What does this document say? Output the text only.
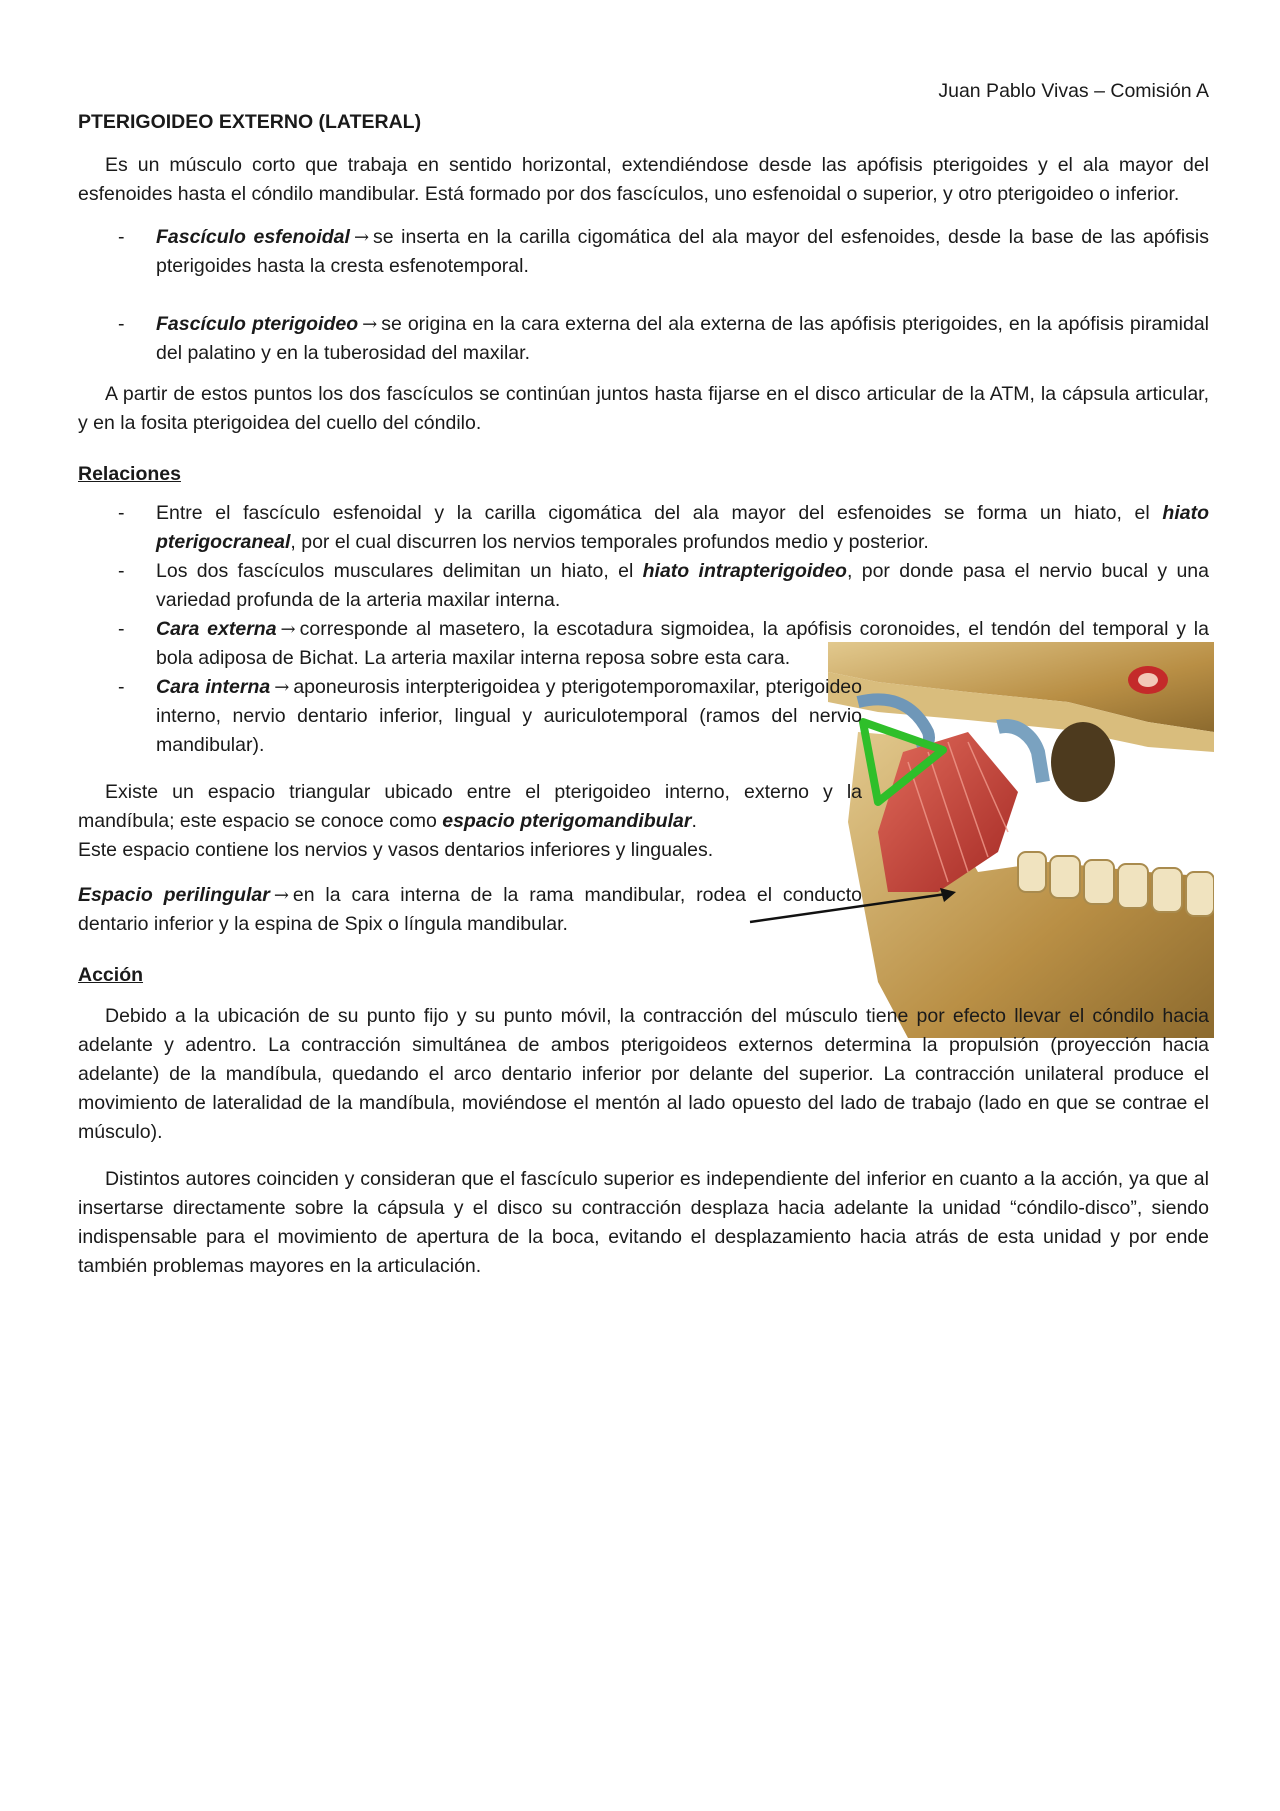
Juan Pablo Vivas – Comisión A
PTERIGOIDEO EXTERNO (LATERAL)

Es un músculo corto que trabaja en sentido horizontal, extendiéndose desde las apófisis pterigoides y el ala mayor del esfenoides hasta el cóndilo mandibular. Está formado por dos fascículos, uno esfenoidal o superior, y otro pterigoideo o inferior.

- Fascículo esfenoidal → se inserta en la carilla cigomática del ala mayor del esfenoides, desde la base de las apófisis pterigoides hasta la cresta esfenotemporal.
- Fascículo pterigoideo → se origina en la cara externa del ala externa de las apófisis pterigoides, en la apófisis piramidal del palatino y en la tuberosidad del maxilar.

A partir de estos puntos los dos fascículos se continúan juntos hasta fijarse en el disco articular de la ATM, la cápsula articular, y en la fosita pterigoidea del cuello del cóndilo.

Relaciones
- Entre el fascículo esfenoidal y la carilla cigomática del ala mayor del esfenoides se forma un hiato, el hiato pterigocraneal, por el cual discurren los nervios temporales profundos medio y posterior.
- Los dos fascículos musculares delimitan un hiato, el hiato intrapterigoideo, por donde pasa el nervio bucal y una variedad profunda de la arteria maxilar interna.
- Cara externa → corresponde al masetero, la escotadura sigmoidea, la apófisis coronoides, el tendón del temporal y la bola adiposa de Bichat. La arteria maxilar interna reposa sobre esta cara.
- Cara interna → aponeurosis interpterigoidea y pterigotemporomaxilar, pterigoideo interno, nervio dentario inferior, lingual y auriculotemporal (ramos del nervio mandibular).

Existe un espacio triangular ubicado entre el pterigoideo interno, externo y la mandíbula; este espacio se conoce como espacio pterigomandibular.

Este espacio contiene los nervios y vasos dentarios inferiores y linguales.

Espacio perilingular → en la cara interna de la rama mandibular, rodea el conducto dentario inferior y la espina de Spix o língula mandibular.

Acción

Debido a la ubicación de su punto fijo y su punto móvil, la contracción del músculo tiene por efecto llevar el cóndilo hacia adelante y adentro. La contracción simultánea de ambos pterigoideos externos determina la propulsión (proyección hacia adelante) de la mandíbula, quedando el arco dentario inferior por delante del superior. La contracción unilateral produce el movimiento de lateralidad de la mandíbula, moviéndose el mentón al lado opuesto del lado de trabajo (lado en que se contrae el músculo).

Distintos autores coinciden y consideran que el fascículo superior es independiente del inferior en cuanto a la acción, ya que al insertarse directamente sobre la cápsula y el disco su contracción desplaza hacia adelante la unidad “cóndilo-disco”, siendo indispensable para el movimiento de apertura de la boca, evitando el desplazamiento hacia atrás de esta unidad y por ende también problemas mayores en la articulación.
